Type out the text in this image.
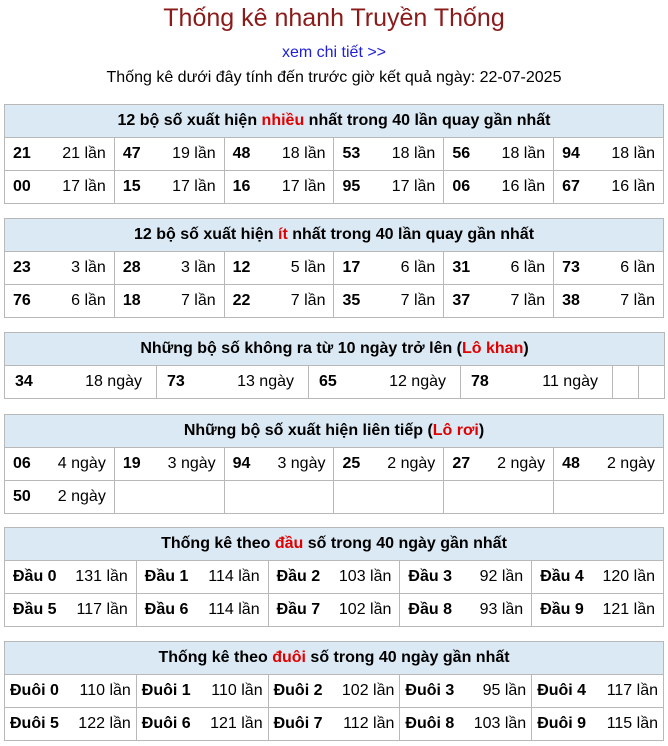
Thống kê nhanh Truyền Thống
xem chi tiết >>
Thống kê dưới đây tính đến trước giờ kết quả ngày: 22-07-2025
12 bộ số xuất hiện nhiều nhất trong 40 lần quay gần nhất					

21 21 lần	47 19 lần	48 18 lần	53 18 lần	56 18 lần	94 18 lần

00 17 lần	15 17 lần	16 17 lần	95 17 lần	06 16 lần	67 16 lần
12 bộ số xuất hiện ít nhất trong 40 lần quay gần nhất					

23 3 lần	28 3 lần	12 5 lần	17 6 lần	31 6 lần	73 6 lần

76 6 lần	18 7 lần	22 7 lần	35 7 lần	37 7 lần	38 7 lần
Những bộ số không ra từ 10 ngày trở lên (Lô khan)

34	18 ngày	73	13 ngày	65	12 ngày	78	11 ngày

Những bộ số xuất hiện liên tiếp (Lô rơi)					

06 4 ngày	19 3 ngày	94 3 ngày	25 2 ngày	27 2 ngày	48 2 ngày

50 2 ngày					

Thống kê theo đầu số trong 40 ngày gần nhất				

Đầu 0 131 lần	Đầu 1 114 lần	Đầu 2 103 lần	Đầu 3 92 lần	Đầu 4 120 lần

Đầu 5 117 lần	Đầu 6 114 lần	Đầu 7 102 lần	Đầu 8 93 lần	Đầu 9 121 lần
Thống kê theo đuôi số trong 40 ngày gần nhất				

Đuôi 0 110 lần	Đuôi 1 110 lần	Đuôi 2 102 lần	Đuôi 3 95 lần	Đuôi 4 117 lần

Đuôi 5 122 lần	Đuôi 6 121 lần	Đuôi 7 112 lần	Đuôi 8 103 lần	Đuôi 9 115 lần
